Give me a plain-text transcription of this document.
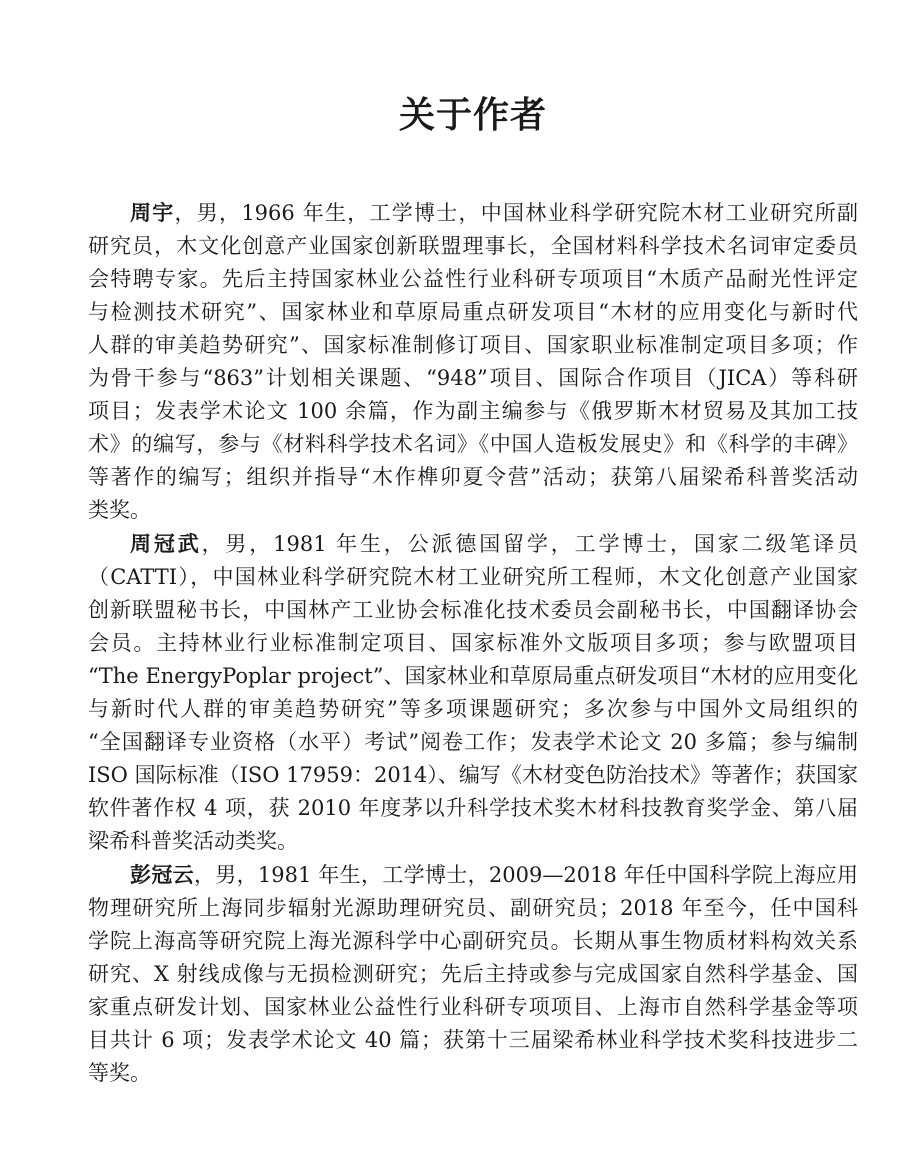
关于作者

周宇，男，1966 年生，工学博士，中国林业科学研究院木材工业研究所副
研究员，木文化创意产业国家创新联盟理事长，全国材料科学技术名词审定委员
会特聘专家。先后主持国家林业公益性行业科研专项项目“木质产品耐光性评定
与检测技术研究”、国家林业和草原局重点研发项目“木材的应用变化与新时代
人群的审美趋势研究”、国家标准制修订项目、国家职业标准制定项目多项；作
为骨干参与“863”计划相关课题、“948”项目、国际合作项目（JICA）等科研
项目；发表学术论文 100 余篇，作为副主编参与《俄罗斯木材贸易及其加工技
术》的编写，参与《材料科学技术名词》《中国人造板发展史》和《科学的丰碑》
等著作的编写；组织并指导“木作榫卯夏令营”活动；获第八届梁希科普奖活动
类奖。

周冠武，男，1981 年生，公派德国留学，工学博士，国家二级笔译员
（CATTI），中国林业科学研究院木材工业研究所工程师，木文化创意产业国家
创新联盟秘书长，中国林产工业协会标准化技术委员会副秘书长，中国翻译协会
会员。主持林业行业标准制定项目、国家标准外文版项目多项；参与欧盟项目
“The EnergyPoplar project”、国家林业和草原局重点研发项目“木材的应用变化
与新时代人群的审美趋势研究”等多项课题研究；多次参与中国外文局组织的
“全国翻译专业资格（水平）考试”阅卷工作；发表学术论文 20 多篇；参与编制
ISO 国际标准（ISO 17959：2014）、编写《木材变色防治技术》等著作；获国家
软件著作权 4 项，获 2010 年度茅以升科学技术奖木材科技教育奖学金、第八届
梁希科普奖活动类奖。

彭冠云，男，1981 年生，工学博士，2009—2018 年任中国科学院上海应用
物理研究所上海同步辐射光源助理研究员、副研究员；2018 年至今，任中国科
学院上海高等研究院上海光源科学中心副研究员。长期从事生物质材料构效关系
研究、X 射线成像与无损检测研究；先后主持或参与完成国家自然科学基金、国
家重点研发计划、国家林业公益性行业科研专项项目、上海市自然科学基金等项
目共计 6 项；发表学术论文 40 篇；获第十三届梁希林业科学技术奖科技进步二
等奖。
